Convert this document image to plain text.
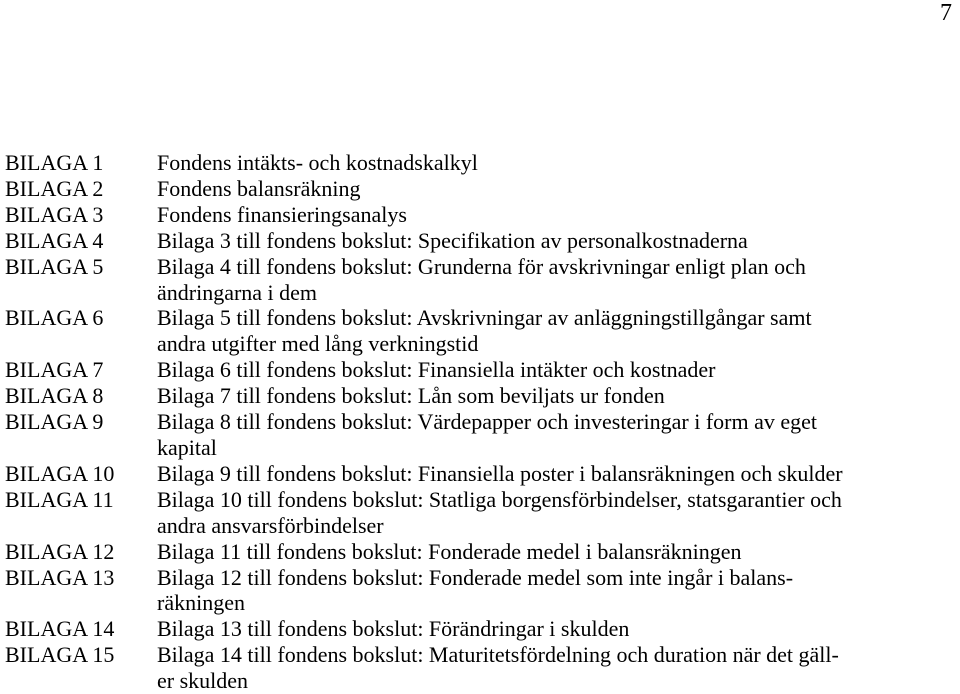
7
BILAGA 1	Fondens intäkts- och kostnadskalkyl
BILAGA 2	Fondens balansräkning
BILAGA 3	Fondens finansieringsanalys
BILAGA 4	Bilaga 3 till fondens bokslut: Specifikation av personalkostnaderna
BILAGA 5	Bilaga 4 till fondens bokslut: Grunderna för avskrivningar enligt plan och
ändringarna i dem
BILAGA 6	Bilaga 5 till fondens bokslut: Avskrivningar av anläggningstillgångar samt
andra utgifter med lång verkningstid
BILAGA 7	Bilaga 6 till fondens bokslut: Finansiella intäkter och kostnader
BILAGA 8	Bilaga 7 till fondens bokslut: Lån som beviljats ur fonden
BILAGA 9	Bilaga 8 till fondens bokslut: Värdepapper och investeringar i form av eget
kapital
BILAGA 10	Bilaga 9 till fondens bokslut: Finansiella poster i balansräkningen och skulder
BILAGA 11	Bilaga 10 till fondens bokslut: Statliga borgensförbindelser, statsgarantier och
andra ansvarsförbindelser
BILAGA 12	Bilaga 11 till fondens bokslut: Fonderade medel i balansräkningen
BILAGA 13	Bilaga 12 till fondens bokslut: Fonderade medel som inte ingår i balans-
räkningen
BILAGA 14	Bilaga 13 till fondens bokslut: Förändringar i skulden
BILAGA 15	Bilaga 14 till fondens bokslut: Maturitetsfördelning och duration när det gäll-
er skulden
